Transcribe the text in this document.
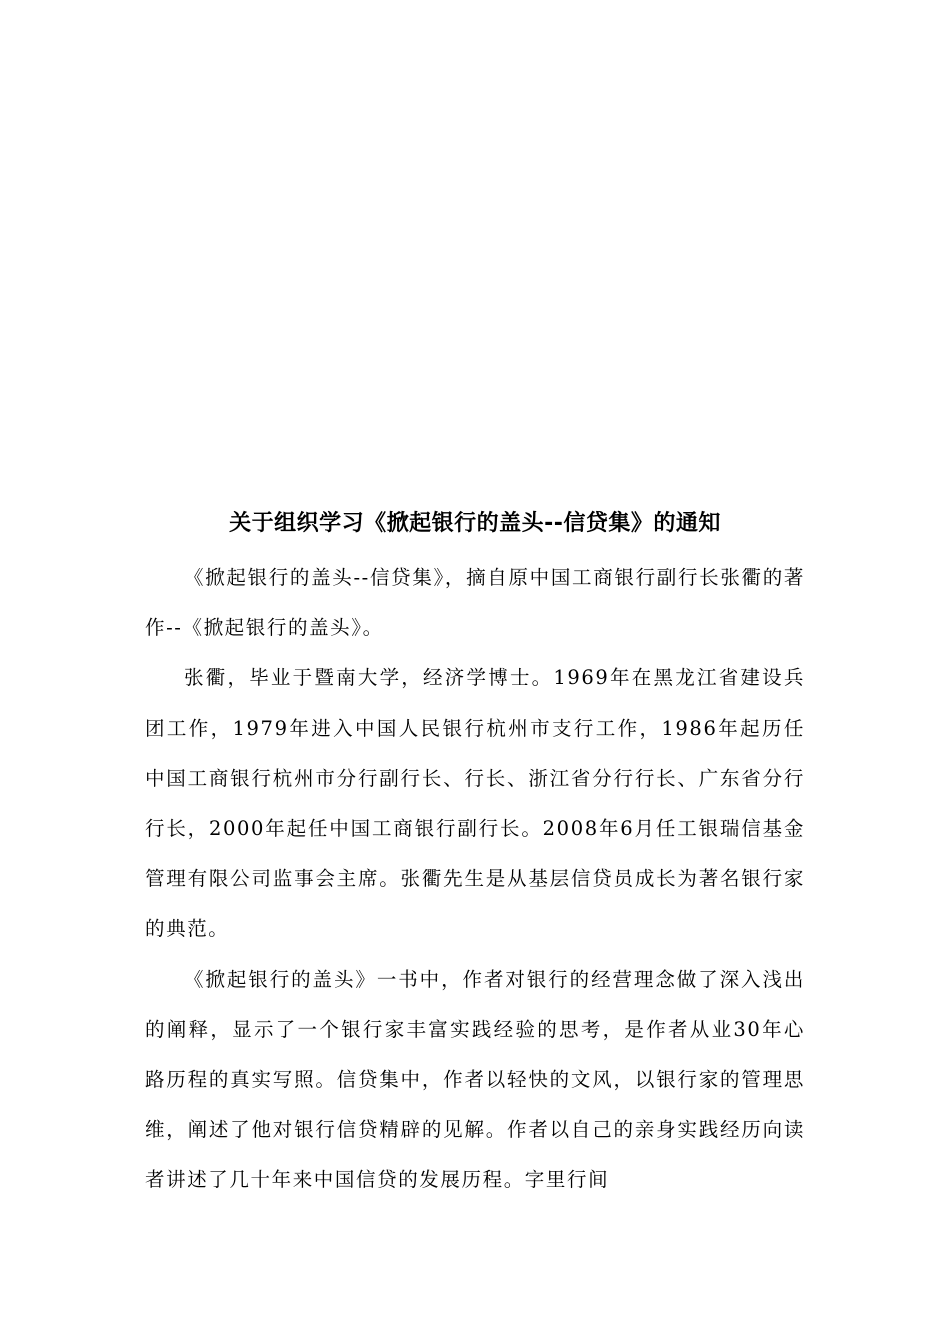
关于组织学习《掀起银行的盖头--信贷集》的通知

《掀起银行的盖头--信贷集》，摘自原中国工商银行副行长张衢的著作--《掀起银行的盖头》。

张衢，毕业于暨南大学，经济学博士。1969年在黑龙江省建设兵团工作，1979年进入中国人民银行杭州市支行工作，1986年起历任中国工商银行杭州市分行副行长、行长、浙江省分行行长、广东省分行行长，2000年起任中国工商银行副行长。2008年6月任工银瑞信基金管理有限公司监事会主席。张衢先生是从基层信贷员成长为著名银行家的典范。

《掀起银行的盖头》一书中，作者对银行的经营理念做了深入浅出的阐释，显示了一个银行家丰富实践经验的思考，是作者从业30年心路历程的真实写照。信贷集中，作者以轻快的文风，以银行家的管理思维，阐述了他对银行信贷精辟的见解。作者以自己的亲身实践经历向读者讲述了几十年来中国信贷的发展历程。字里行间
